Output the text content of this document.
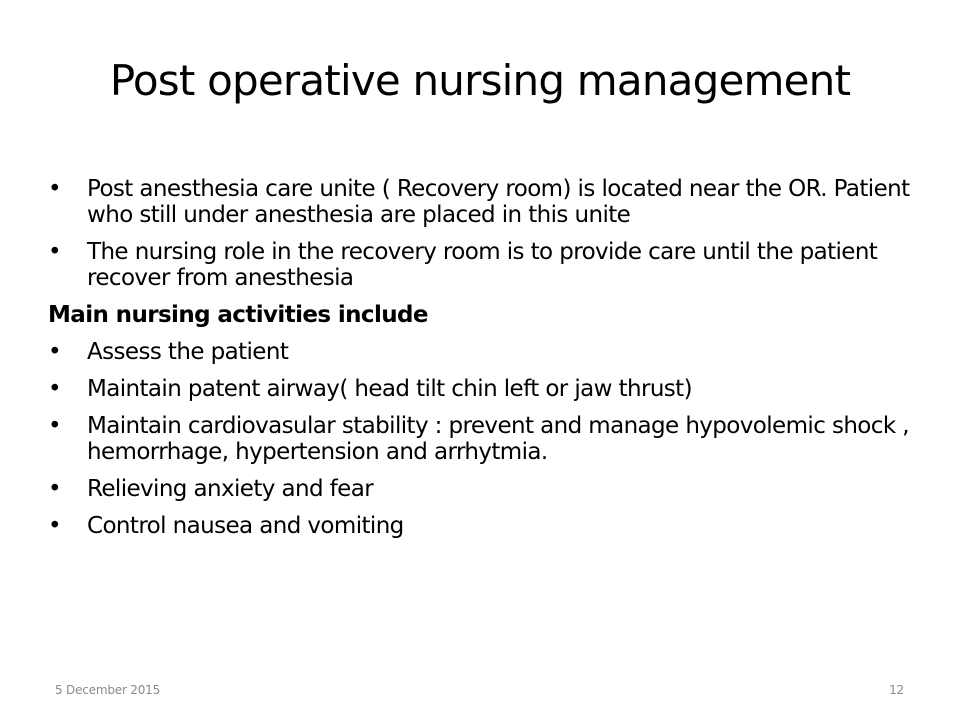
Post operative nursing management
•	Post anesthesia care unite ( Recovery room) is located near the OR. Patient who still under anesthesia are placed in this unite
•	The nursing role in the recovery room is to provide care until the patient recover from anesthesia
Main nursing activities include
•	Assess the patient
•	Maintain patent airway( head tilt chin left or jaw thrust)
•	Maintain cardiovasular stability : prevent and manage hypovolemic shock , hemorrhage, hypertension and arrhytmia.
•	Relieving anxiety and fear
•	Control nausea and vomiting
5 December 2015	12
